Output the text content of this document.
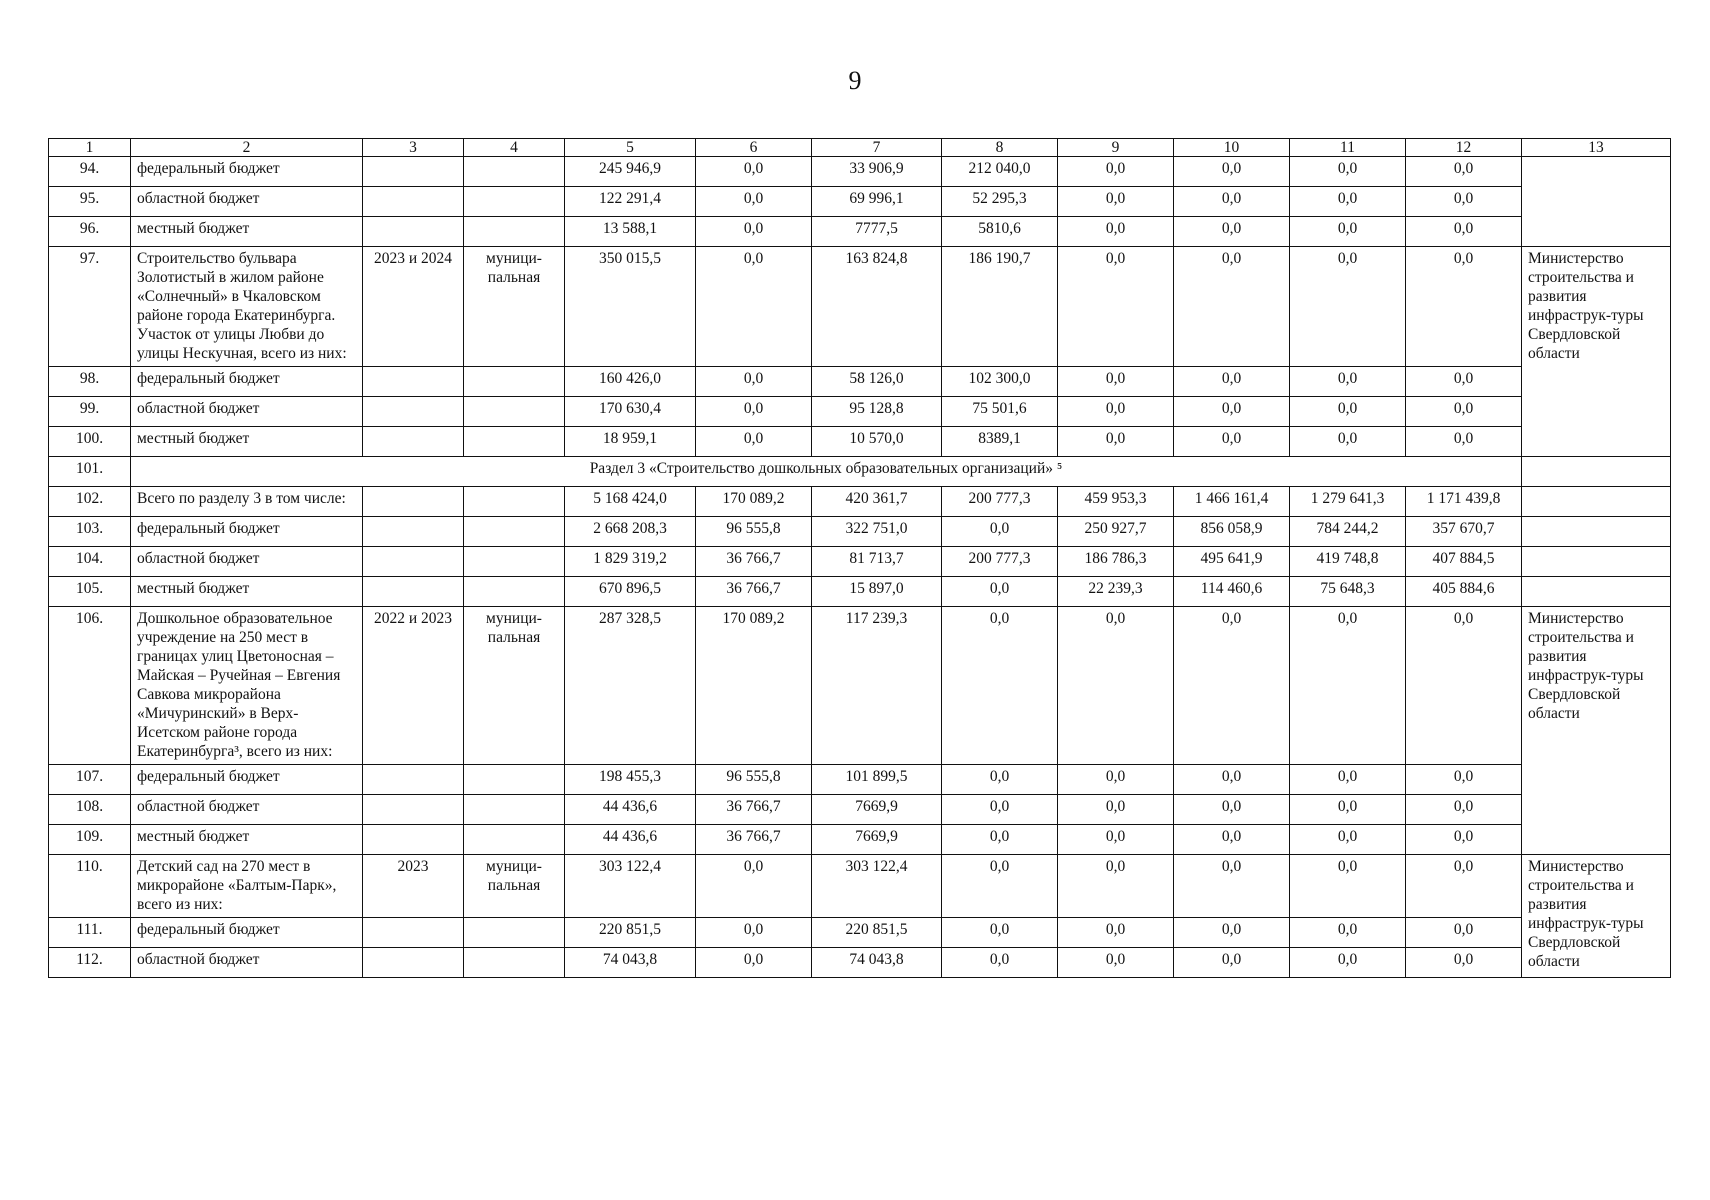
9
1	2	3	4	5	6	7	8	9	10	11	12	13
94.	федеральный бюджет			245 946,9	0,0	33 906,9	212 040,0	0,0	0,0	0,0	0,0	
95.	областной бюджет			122 291,4	0,0	69 996,1	52 295,3	0,0	0,0	0,0	0,0	
96.	местный бюджет			13 588,1	0,0	7777,5	5810,6	0,0	0,0	0,0	0,0	
97.	Строительство бульвара Золотистый в жилом районе «Солнечный» в Чкаловском районе города Екатеринбурга. Участок от улицы Любви до улицы Нескучная, всего из них:	2023 и 2024	муници-пальная	350 015,5	0,0	163 824,8	186 190,7	0,0	0,0	0,0	0,0	Министерство строительства и развития инфраструк-туры Свердловской области
98.	федеральный бюджет			160 426,0	0,0	58 126,0	102 300,0	0,0	0,0	0,0	0,0	
99.	областной бюджет			170 630,4	0,0	95 128,8	75 501,6	0,0	0,0	0,0	0,0	
100.	местный бюджет			18 959,1	0,0	10 570,0	8389,1	0,0	0,0	0,0	0,0	
101.	Раздел 3 «Строительство дошкольных образовательных организаций» ⁵											
102.	Всего по разделу 3 в том числе:			5 168 424,0	170 089,2	420 361,7	200 777,3	459 953,3	1 466 161,4	1 279 641,3	1 171 439,8	
103.	федеральный бюджет			2 668 208,3	96 555,8	322 751,0	0,0	250 927,7	856 058,9	784 244,2	357 670,7	
104.	областной бюджет			1 829 319,2	36 766,7	81 713,7	200 777,3	186 786,3	495 641,9	419 748,8	407 884,5	
105.	местный бюджет			670 896,5	36 766,7	15 897,0	0,0	22 239,3	114 460,6	75 648,3	405 884,6	
106.	Дошкольное образовательное учреждение на 250 мест в границах улиц Цветоносная – Майская – Ручейная – Евгения Савкова микрорайона «Мичуринский» в Верх-Исетском районе города Екатеринбурга³, всего из них:	2022 и 2023	муници-пальная	287 328,5	170 089,2	117 239,3	0,0	0,0	0,0	0,0	0,0	Министерство строительства и развития инфраструк-туры Свердловской области
107.	федеральный бюджет			198 455,3	96 555,8	101 899,5	0,0	0,0	0,0	0,0	0,0	
108.	областной бюджет			44 436,6	36 766,7	7669,9	0,0	0,0	0,0	0,0	0,0	
109.	местный бюджет			44 436,6	36 766,7	7669,9	0,0	0,0	0,0	0,0	0,0	
110.	Детский сад на 270 мест в микрорайоне «Балтым-Парк», всего из них:	2023	муници-пальная	303 122,4	0,0	303 122,4	0,0	0,0	0,0	0,0	0,0	Министерство строительства и развития инфраструк-туры Свердловской области
111.	федеральный бюджет			220 851,5	0,0	220 851,5	0,0	0,0	0,0	0,0	0,0	
112.	областной бюджет			74 043,8	0,0	74 043,8	0,0	0,0	0,0	0,0	0,0	
